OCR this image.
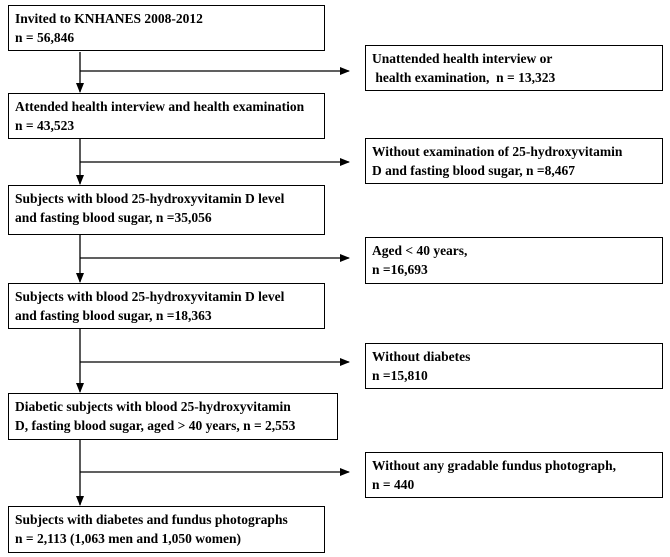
Invited to KNHANES 2008-2012
n = 56,846
Attended health interview and health examination
n = 43,523
Subjects with blood 25-hydroxyvitamin D level
and fasting blood sugar, n =35,056
Subjects with blood 25-hydroxyvitamin D level
and fasting blood sugar, n =18,363
Diabetic subjects with blood 25-hydroxyvitamin
D, fasting blood sugar, aged > 40 years, n = 2,553
Subjects with diabetes and fundus photographs
n = 2,113 (1,063 men and 1,050 women)
Unattended health interview or
health examination,  n = 13,323
Without examination of 25-hydroxyvitamin
D and fasting blood sugar, n =8,467
Aged < 40 years,
n =16,693
Without diabetes
n =15,810
Without any gradable fundus photograph,
n = 440
